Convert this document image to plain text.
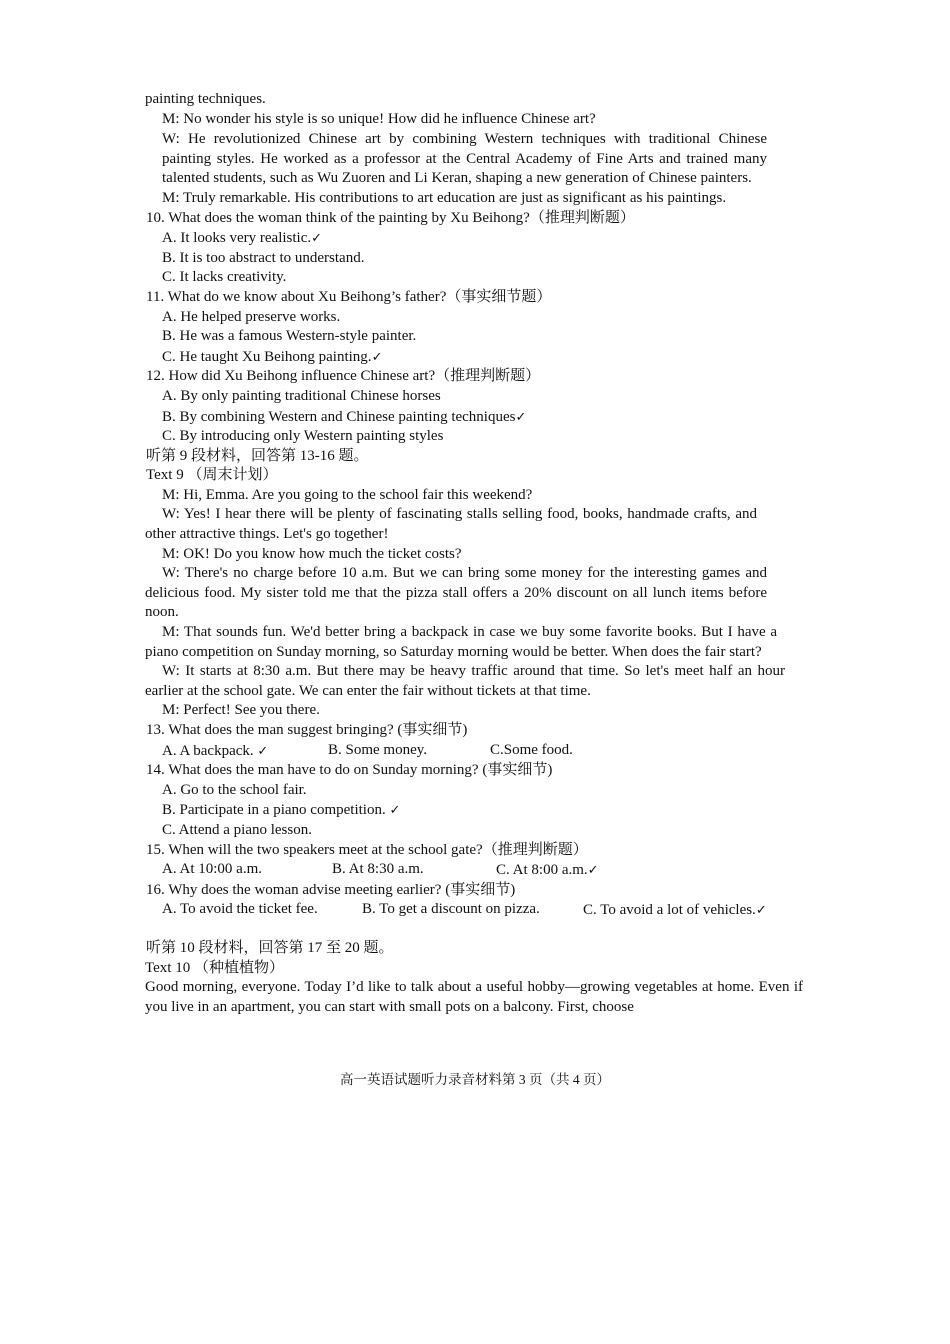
painting techniques.

M: No wonder his style is so unique! How did he influence Chinese art?

W: He revolutionized Chinese art by combining Western techniques with traditional Chinese painting styles. He worked as a professor at the Central Academy of Fine Arts and trained many talented students, such as Wu Zuoren and Li Keran, shaping a new generation of Chinese painters.

M: Truly remarkable. His contributions to art education are just as significant as his paintings.

10. What does the woman think of the painting by Xu Beihong?（推理判断题）

A. It looks very realistic.✓

B. It is too abstract to understand.

C. It lacks creativity.

11. What do we know about Xu Beihong’s father?（事实细节题）

A. He helped preserve works.

B. He was a famous Western-style painter.

C. He taught Xu Beihong painting.✓

12. How did Xu Beihong influence Chinese art?（推理判断题）

A. By only painting traditional Chinese horses

B. By combining Western and Chinese painting techniques✓

C. By introducing only Western painting styles

听第 9 段材料，回答第 13-16 题。

Text 9 （周末计划）

M: Hi, Emma. Are you going to the school fair this weekend?

W: Yes! I hear there will be plenty of fascinating stalls selling food, books, handmade crafts, and other attractive things. Let's go together!

M: OK! Do you know how much the ticket costs?

W: There's no charge before 10 a.m. But we can bring some money for the interesting games and delicious food. My sister told me that the pizza stall offers a 20% discount on all lunch items before noon.

M: That sounds fun. We'd better bring a backpack in case we buy some favorite books. But I have a piano competition on Sunday morning, so Saturday morning would be better. When does the fair start?

W: It starts at 8:30 a.m. But there may be heavy traffic around that time. So let's meet half an hour earlier at the school gate. We can enter the fair without tickets at that time.

M: Perfect! See you there.

13. What does the man suggest bringing? (事实细节)

A. A backpack. ✓	B. Some money.	C.Some food.

14. What does the man have to do on Sunday morning? (事实细节)

A. Go to the school fair.

B. Participate in a piano competition. ✓

C. Attend a piano lesson.

15. When will the two speakers meet at the school gate?（推理判断题）

A. At 10:00 a.m.	B. At 8:30 a.m.	C. At 8:00 a.m.✓

16. Why does the woman advise meeting earlier? (事实细节)

A. To avoid the ticket fee.	B. To get a discount on pizza.	C. To avoid a lot of vehicles.✓

听第 10 段材料，回答第 17 至 20 题。

Text 10 （种植植物）

Good morning, everyone. Today I’d like to talk about a useful hobby—growing vegetables at home. Even if you live in an apartment, you can start with small pots on a balcony. First, choose

高一英语试题听力录音材料第 3 页（共 4 页）
